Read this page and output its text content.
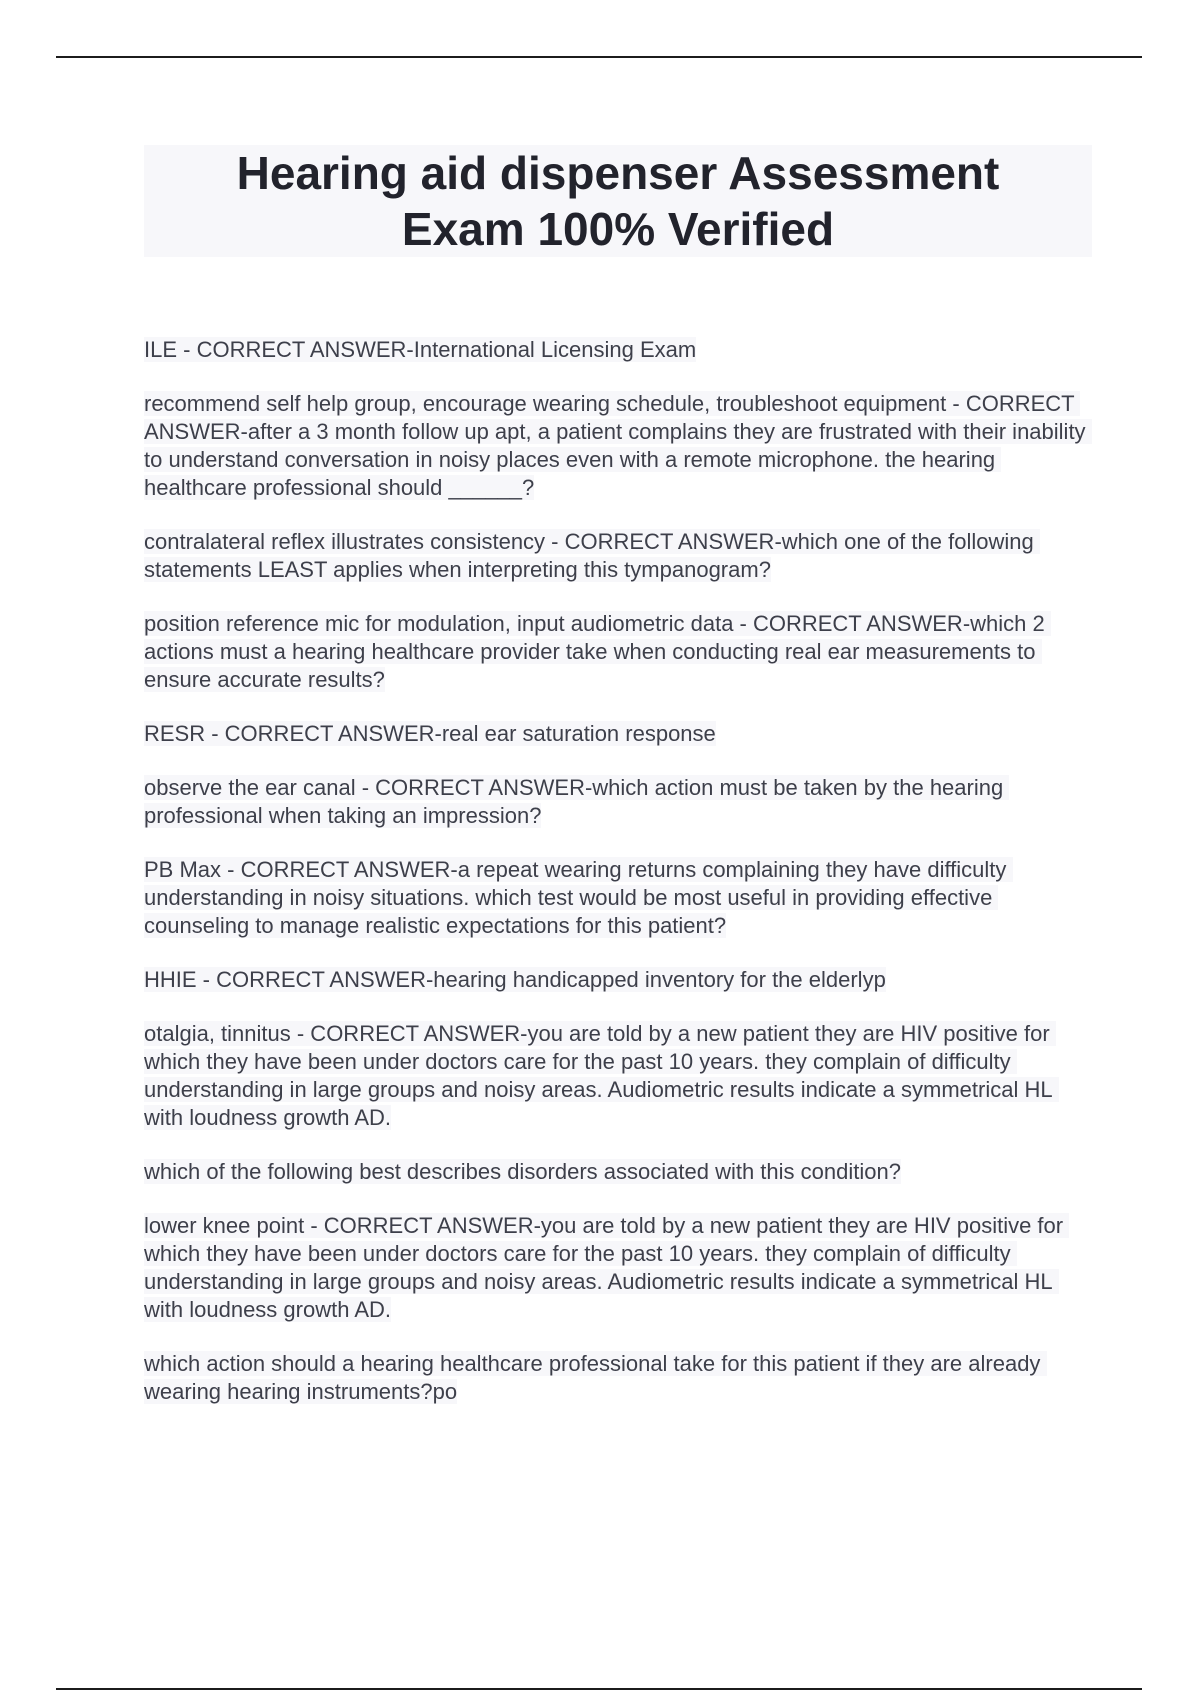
Hearing aid dispenser Assessment Exam 100% Verified

ILE - CORRECT ANSWER-International Licensing Exam

recommend self help group, encourage wearing schedule, troubleshoot equipment - CORRECT ANSWER-after a 3 month follow up apt, a patient complains they are frustrated with their inability to understand conversation in noisy places even with a remote microphone. the hearing healthcare professional should ______?

contralateral reflex illustrates consistency - CORRECT ANSWER-which one of the following statements LEAST applies when interpreting this tympanogram?

position reference mic for modulation, input audiometric data - CORRECT ANSWER-which 2 actions must a hearing healthcare provider take when conducting real ear measurements to ensure accurate results?

RESR - CORRECT ANSWER-real ear saturation response

observe the ear canal - CORRECT ANSWER-which action must be taken by the hearing professional when taking an impression?

PB Max - CORRECT ANSWER-a repeat wearing returns complaining they have difficulty understanding in noisy situations. which test would be most useful in providing effective counseling to manage realistic expectations for this patient?

HHIE - CORRECT ANSWER-hearing handicapped inventory for the elderlyp

otalgia, tinnitus - CORRECT ANSWER-you are told by a new patient they are HIV positive for which they have been under doctors care for the past 10 years. they complain of difficulty understanding in large groups and noisy areas. Audiometric results indicate a symmetrical HL with loudness growth AD.

which of the following best describes disorders associated with this condition?

lower knee point - CORRECT ANSWER-you are told by a new patient they are HIV positive for which they have been under doctors care for the past 10 years. they complain of difficulty understanding in large groups and noisy areas. Audiometric results indicate a symmetrical HL with loudness growth AD.

which action should a hearing healthcare professional take for this patient if they are already wearing hearing instruments?po
